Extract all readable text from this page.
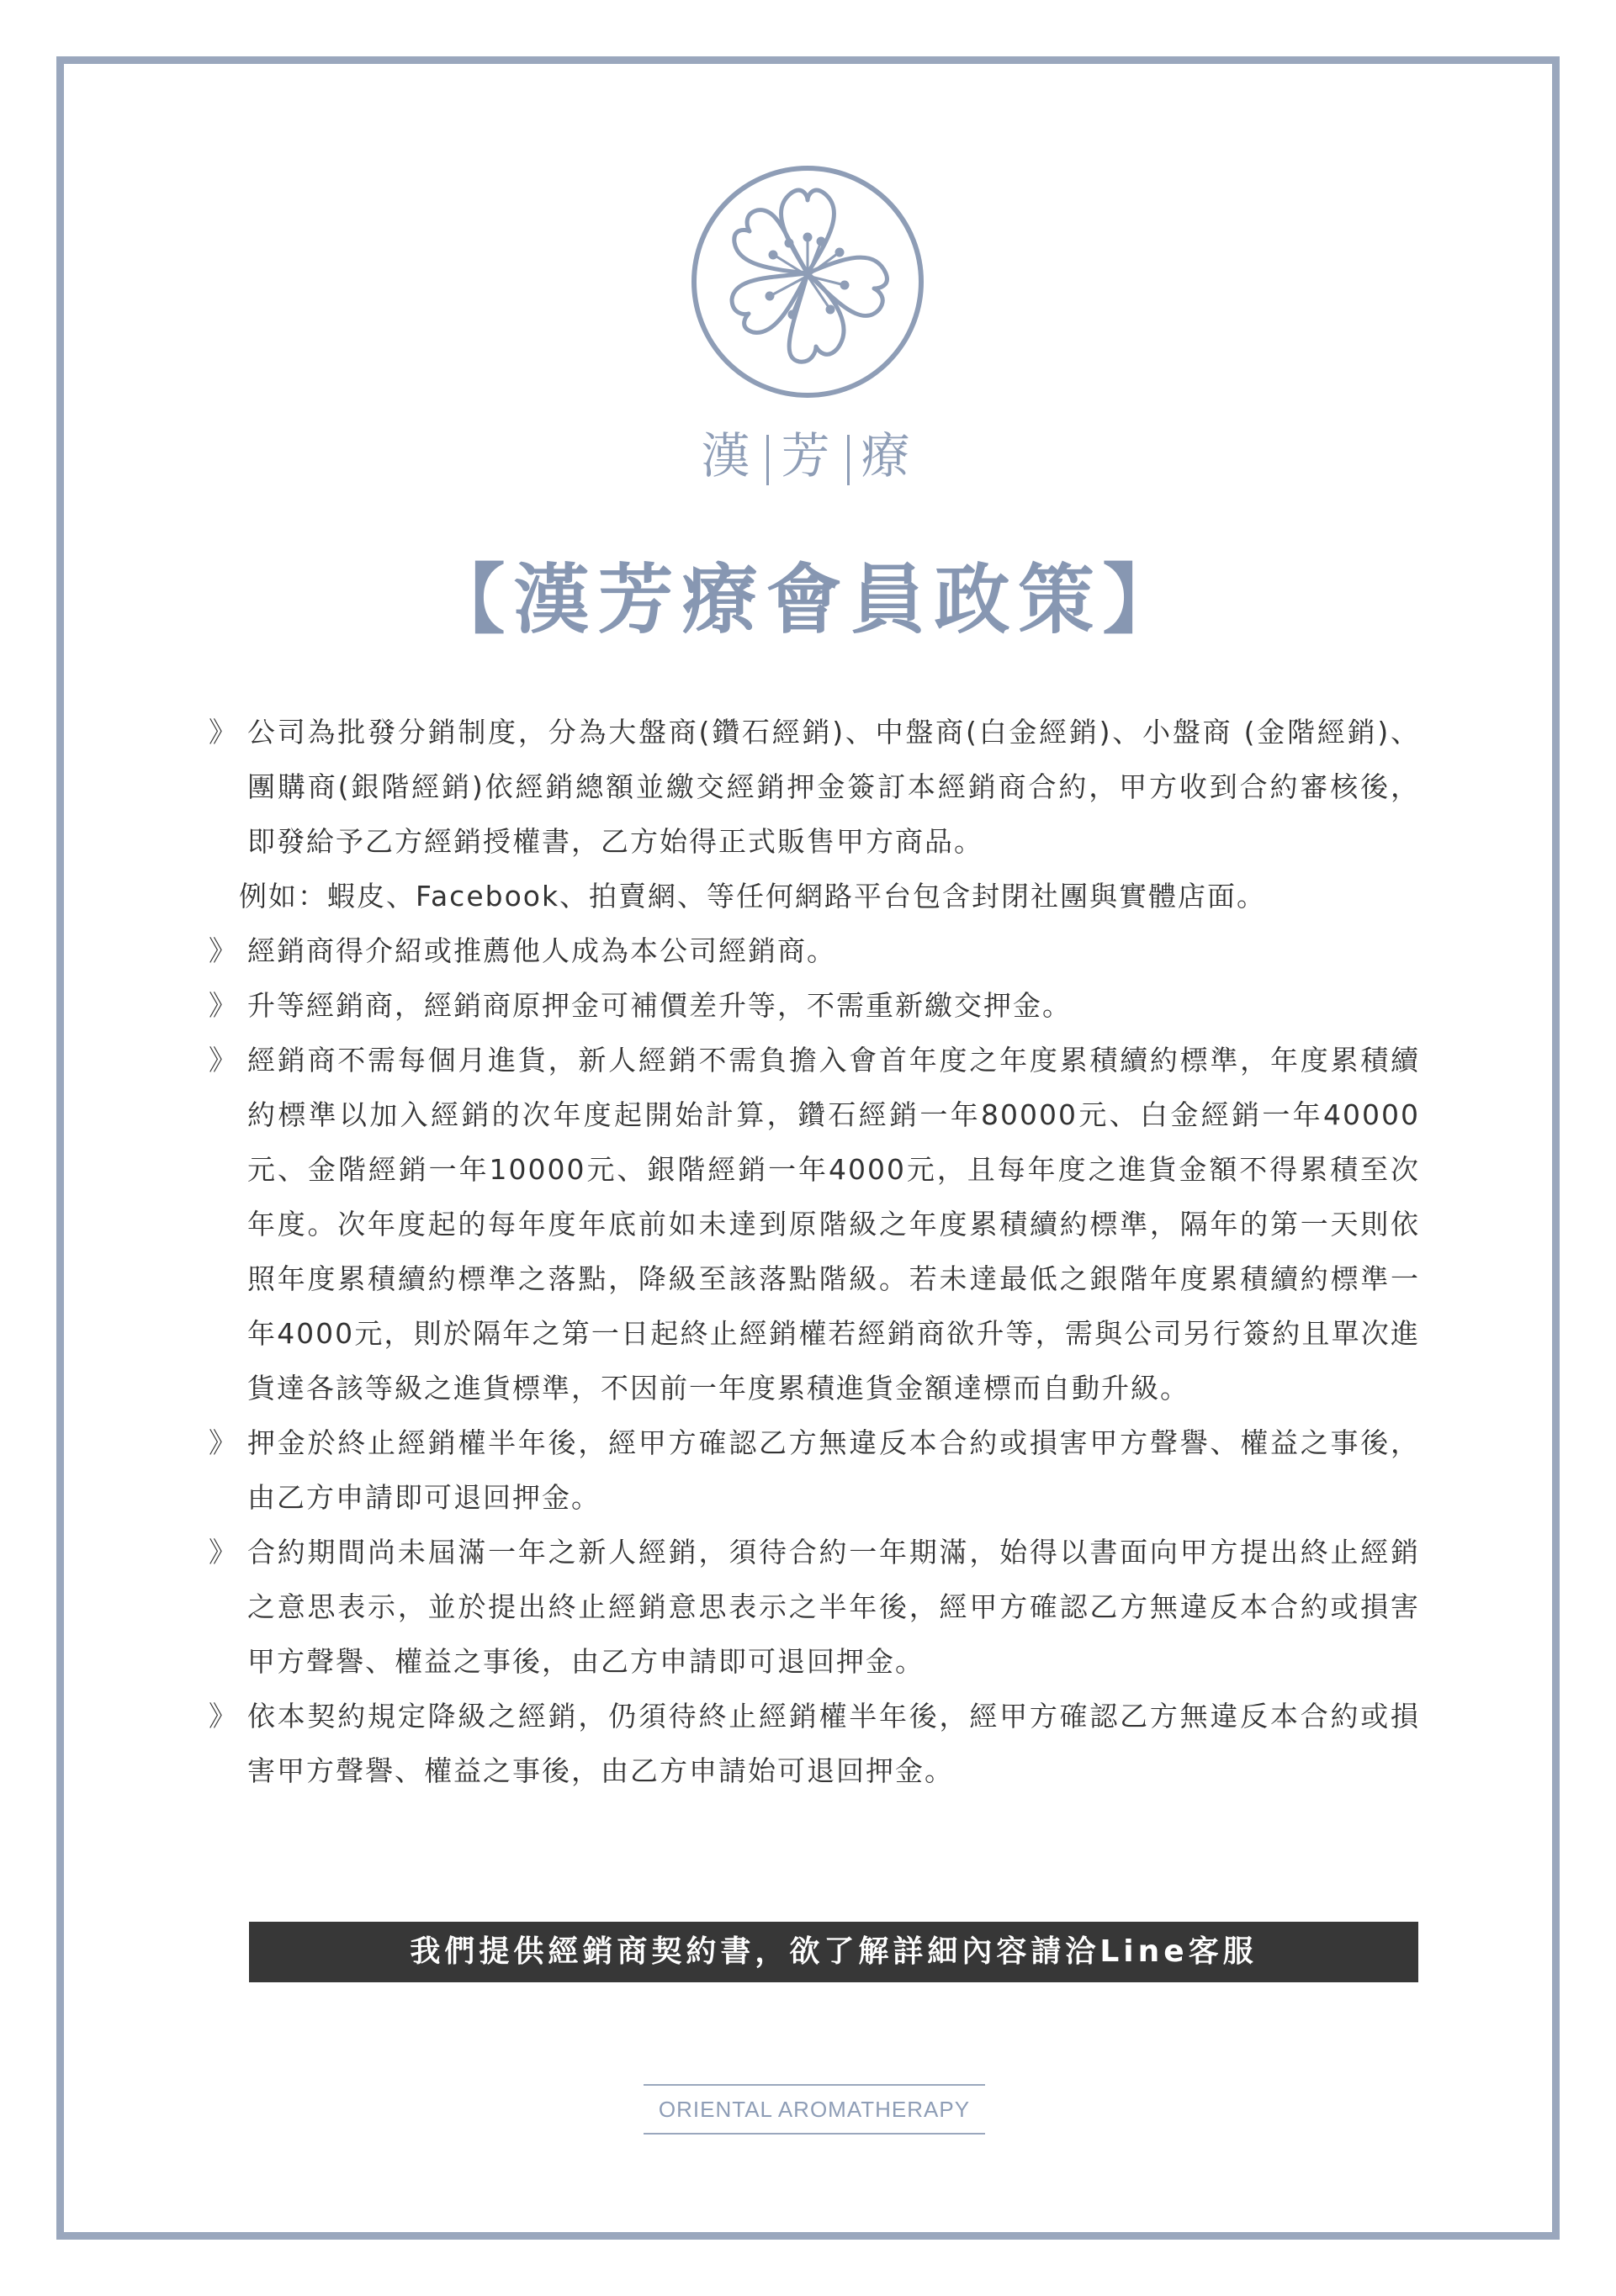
漢 芳 療
【漢芳療會員政策】
》 公司為批發分銷制度，分為大盤商(鑽石經銷)、中盤商(白金經銷)、小盤商 (金階經銷)、 團購商(銀階經銷)依經銷總額並繳交經銷押金簽訂本經銷商合約，甲方收到合約審核後，即發給予乙方經銷授權書，乙方始得正式販售甲方商品。
例如：蝦皮、Facebook、拍賣網、等任何網路平台包含封閉社團與實體店面。
》 經銷商得介紹或推薦他人成為本公司經銷商。
》 升等經銷商，經銷商原押金可補價差升等，不需重新繳交押金。
》 經銷商不需每個月進貨，新人經銷不需負擔入會首年度之年度累積續約標準，年度累積續約標準以加入經銷的次年度起開始計算，鑽石經銷一年80000元、白金經銷一年40000 元、金階經銷一年10000元、銀階經銷一年4000元，且每年度之進貨金額不得累積至次年度。次年度起的每年度年底前如未達到原階級之年度累積續約標準，隔年的第一天則依照年度累積續約標準之落點，降級至該落點階級。若未達最低之銀階年度累積續約標準一年4000元，則於隔年之第一日起終止經銷權若經銷商欲升等，需與公司另行簽約且單次進貨達各該等級之進貨標準，不因前一年度累積進貨金額達標而自動升級。
》 押金於終止經銷權半年後，經甲方確認乙方無違反本合約或損害甲方聲譽、權益之事後，由乙方申請即可退回押金。
》 合約期間尚未屆滿一年之新人經銷，須待合約一年期滿，始得以書面向甲方提出終止經銷之意思表示，並於提出終止經銷意思表示之半年後，經甲方確認乙方無違反本合約或損害甲方聲譽、權益之事後，由乙方申請即可退回押金。
》 依本契約規定降級之經銷，仍須待終止經銷權半年後，經甲方確認乙方無違反本合約或損害甲方聲譽、權益之事後，由乙方申請始可退回押金。
我們提供經銷商契約書，欲了解詳細內容請洽Line客服
ORIENTAL AROMATHERAPY
